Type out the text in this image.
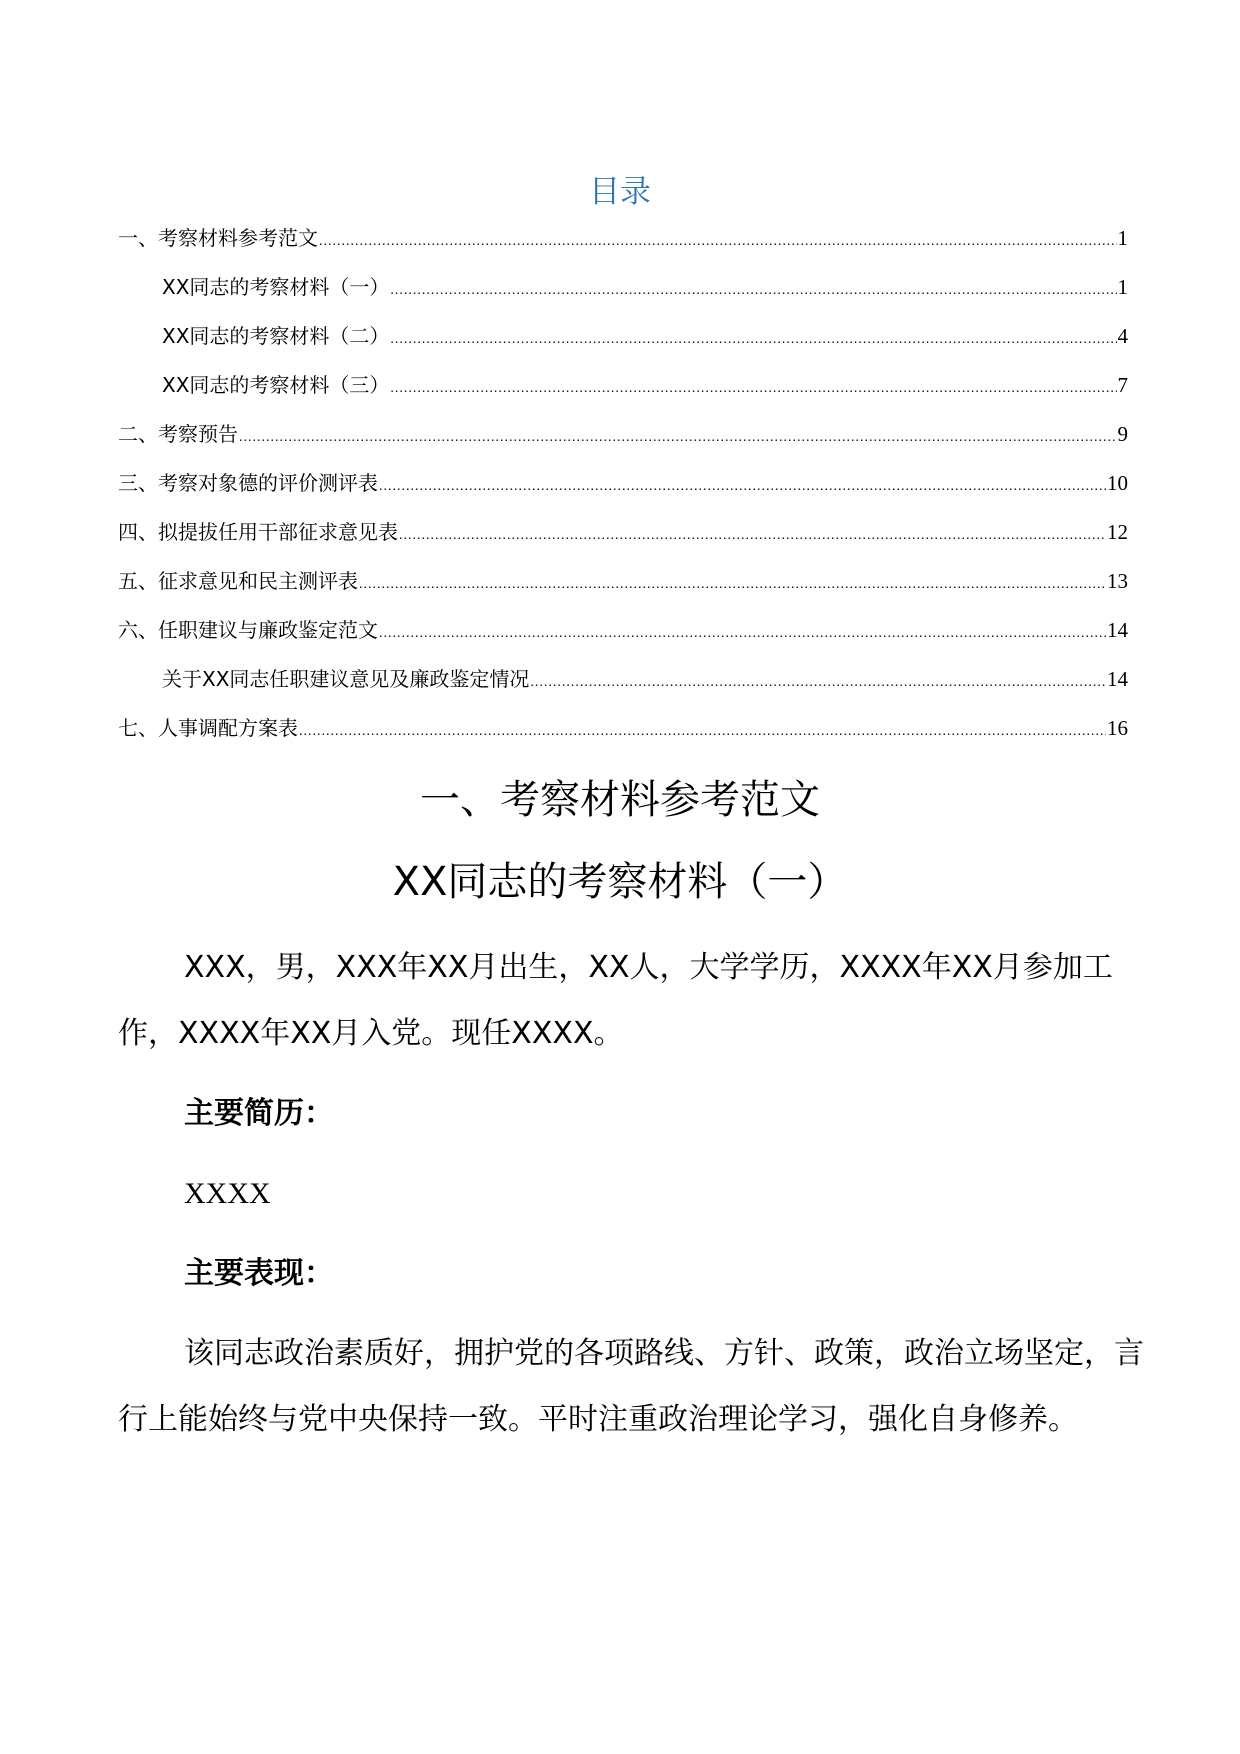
目录
一、考察材料参考范文 .....	1
XX同志的考察材料（一） .....	1
XX同志的考察材料（二） .....	4
XX同志的考察材料（三） .....	7
二、考察预告 .....	9
三、考察对象德的评价测评表 .....	10
四、拟提拔任用干部征求意见表 .....	12
五、征求意见和民主测评表 .....	13
六、任职建议与廉政鉴定范文 .....	14
关于XX同志任职建议意见及廉政鉴定情况 .....	14
七、人事调配方案表 .....	16
一、考察材料参考范文
XX同志的考察材料（一）

XXX，男，XXX年XX月出生，XX人，大学学历，XXXX年XX月参加工作，XXXX年XX月入党。现任XXXX。

主要简历：

XXXX

主要表现：

该同志政治素质好，拥护党的各项路线、方针、政策，政治立场坚定，言行上能始终与党中央保持一致。平时注重政治理论学习，强化自身修养。
